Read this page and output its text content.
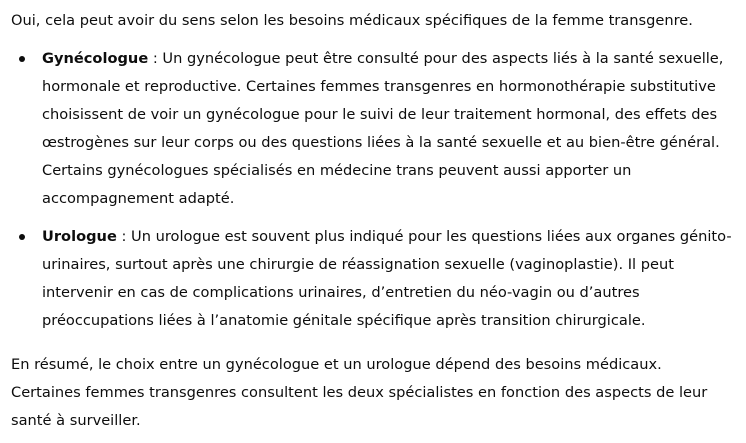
Oui, cela peut avoir du sens selon les besoins médicaux spécifiques de la femme transgenre.

Gynécologue : Un gynécologue peut être consulté pour des aspects liés à la santé sexuelle, hormonale et reproductive. Certaines femmes transgenres en hormonothérapie substitutive choisissent de voir un gynécologue pour le suivi de leur traitement hormonal, des effets des œstrogènes sur leur corps ou des questions liées à la santé sexuelle et au bien-être général. Certains gynécologues spécialisés en médecine trans peuvent aussi apporter un accompagnement adapté.
Urologue : Un urologue est souvent plus indiqué pour les questions liées aux organes génito-urinaires, surtout après une chirurgie de réassignation sexuelle (vaginoplastie). Il peut intervenir en cas de complications urinaires, d’entretien du néo-vagin ou d’autres préoccupations liées à l’anatomie génitale spécifique après transition chirurgicale.

En résumé, le choix entre un gynécologue et un urologue dépend des besoins médicaux. Certaines femmes transgenres consultent les deux spécialistes en fonction des aspects de leur santé à surveiller.
